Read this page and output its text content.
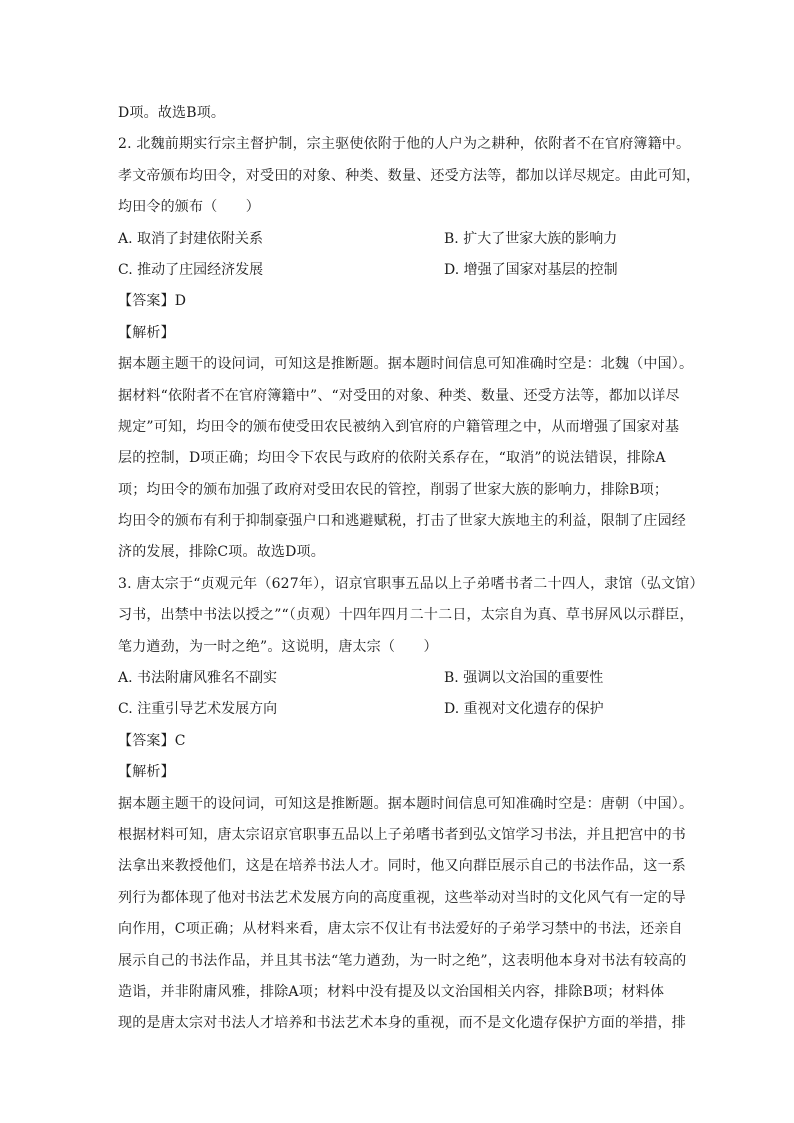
D项。故选B项。
2. 北魏前期实行宗主督护制，宗主驱使依附于他的人户为之耕种，依附者不在官府簿籍中。
孝文帝颁布均田令，对受田的对象、种类、数量、还受方法等，都加以详尽规定。由此可知，
均田令的颁布（　　）
A. 取消了封建依附关系	B. 扩大了世家大族的影响力
C. 推动了庄园经济发展	D. 增强了国家对基层的控制
【答案】D
【解析】
据本题主题干的设问词，可知这是推断题。据本题时间信息可知准确时空是：北魏（中国）。
据材料“依附者不在官府簿籍中”、“对受田的对象、种类、数量、还受方法等，都加以详尽
规定”可知，均田令的颁布使受田农民被纳入到官府的户籍管理之中，从而增强了国家对基
层的控制，D项正确；均田令下农民与政府的依附关系存在，“取消”的说法错误，排除A
项；均田令的颁布加强了政府对受田农民的管控，削弱了世家大族的影响力，排除B项；
均田令的颁布有利于抑制豪强户口和逃避赋税，打击了世家大族地主的利益，限制了庄园经
济的发展，排除C项。故选D项。
3. 唐太宗于“贞观元年（627年），诏京官职事五品以上子弟嗜书者二十四人，隶馆（弘文馆）
习书，出禁中书法以授之”“（贞观）十四年四月二十二日，太宗自为真、草书屏风以示群臣，
笔力遒劲，为一时之绝”。这说明，唐太宗（　　）
A. 书法附庸风雅名不副实	B. 强调以文治国的重要性
C. 注重引导艺术发展方向	D. 重视对文化遗存的保护
【答案】C
【解析】
据本题主题干的设问词，可知这是推断题。据本题时间信息可知准确时空是：唐朝（中国）。
根据材料可知，唐太宗诏京官职事五品以上子弟嗜书者到弘文馆学习书法，并且把宫中的书
法拿出来教授他们，这是在培养书法人才。同时，他又向群臣展示自己的书法作品，这一系
列行为都体现了他对书法艺术发展方向的高度重视，这些举动对当时的文化风气有一定的导
向作用，C项正确；从材料来看，唐太宗不仅让有书法爱好的子弟学习禁中的书法，还亲自
展示自己的书法作品，并且其书法“笔力遒劲，为一时之绝”，这表明他本身对书法有较高的
造诣，并非附庸风雅，排除A项；材料中没有提及以文治国相关内容，排除B项；材料体
现的是唐太宗对书法人才培养和书法艺术本身的重视，而不是文化遗存保护方面的举措，排
